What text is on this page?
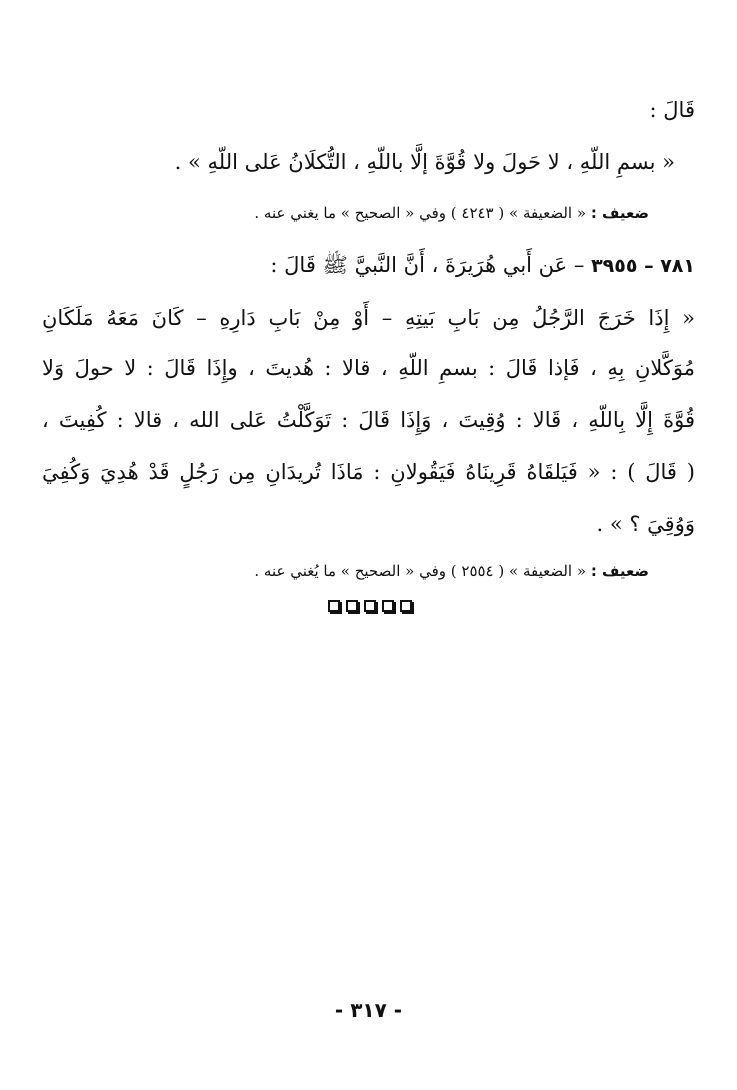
قَالَ :
« بسمِ اللّهِ ، لا حَولَ ولا قُوَّةَ إلَّا باللّهِ ، التُّكلَانُ عَلى اللّهِ » .
ضعيف : « الضعيفة » ( ٤٢٤٣ ) وفي « الصحيح » ما يغني عنه .
٧٨١ – ٣٩٥٥ – عَن أَبي هُرَيرَةَ ، أَنَّ النَّبيَّ ﷺ قَالَ :
« إِذَا خَرَجَ الرَّجُلُ مِن بَابِ بَيتِهِ – أَوْ مِنْ بَابِ دَارِهِ – كَانَ مَعَهُ مَلَكَانِ
مُوَكَّلانِ بِهِ ، فَإذا قَالَ : بسمِ اللّهِ ، قالا : هُديتَ ، وإِذَا قَالَ : لا حولَ وَلا
قُوَّةَ إِلَّا بِاللّهِ ، قَالا : وُقِيتَ ، وَإِذَا قَالَ : تَوَكَّلْتُ عَلى الله ، قالا : كُفِيتَ ،
( قَالَ ) : « فَيَلقَاهُ قَرِينَاهُ فَيَقُولانِ : مَاذَا تُريدَانِ مِن رَجُلٍ قَدْ هُدِيَ وَكُفِيَ
وَوُقِيَ ؟ » .
ضعيف : « الضعيفة » ( ٢٥٥٤ ) وفي « الصحيح » ما يُغني عنه .
- ٣١٧ -
